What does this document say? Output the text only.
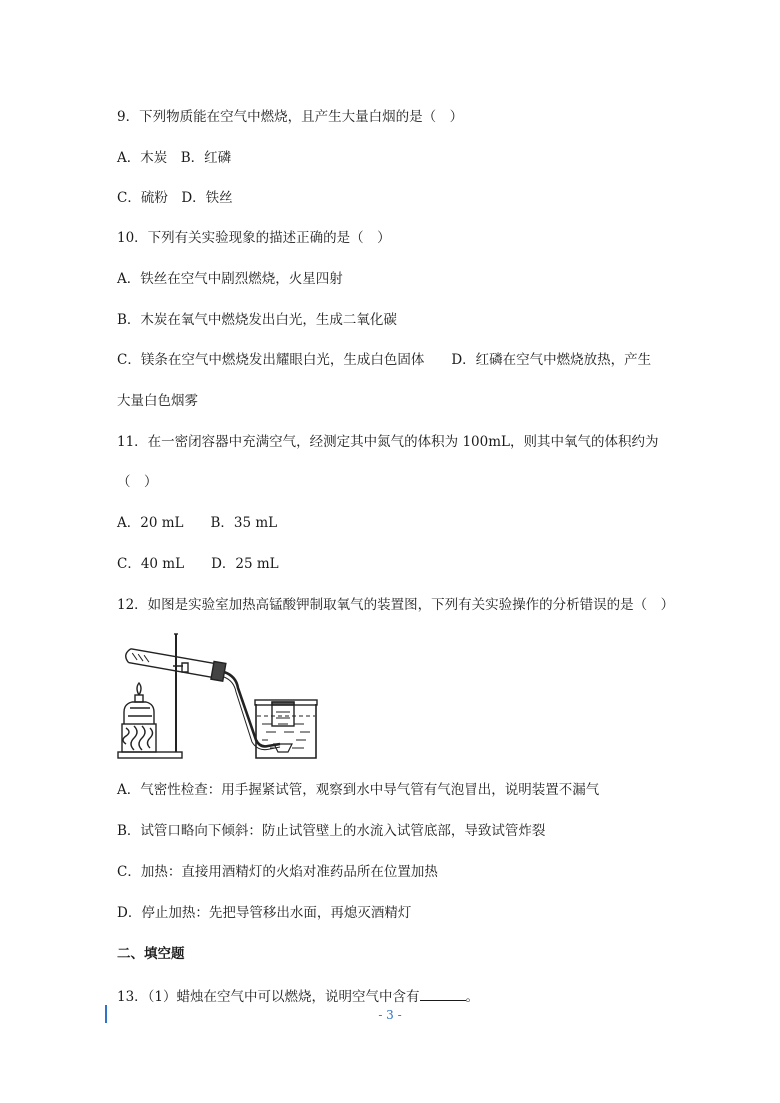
9．下列物质能在空气中燃烧，且产生大量白烟的是（　）
A．木炭　B．红磷
C．硫粉　D．铁丝
10．下列有关实验现象的描述正确的是（　）
A．铁丝在空气中剧烈燃烧，火星四射
B．木炭在氧气中燃烧发出白光，生成二氧化碳
C．镁条在空气中燃烧发出耀眼白光，生成白色固体　　D．红磷在空气中燃烧放热，产生
大量白色烟雾
11．在一密闭容器中充满空气，经测定其中氮气的体积为 100mL，则其中氧气的体积约为
（　）
A．20 mL　　B．35 mL
C．40 mL　　D．25 mL
12．如图是实验室加热高锰酸钾制取氧气的装置图，下列有关实验操作的分析错误的是（　）
A．气密性检查：用手握紧试管，观察到水中导气管有气泡冒出，说明装置不漏气
B．试管口略向下倾斜：防止试管壁上的水流入试管底部，导致试管炸裂
C．加热：直接用酒精灯的火焰对准药品所在位置加热
D．停止加热：先把导管移出水面，再熄灭酒精灯
二、填空题
13．（1）蜡烛在空气中可以燃烧，说明空气中含有	。
- 3 -
